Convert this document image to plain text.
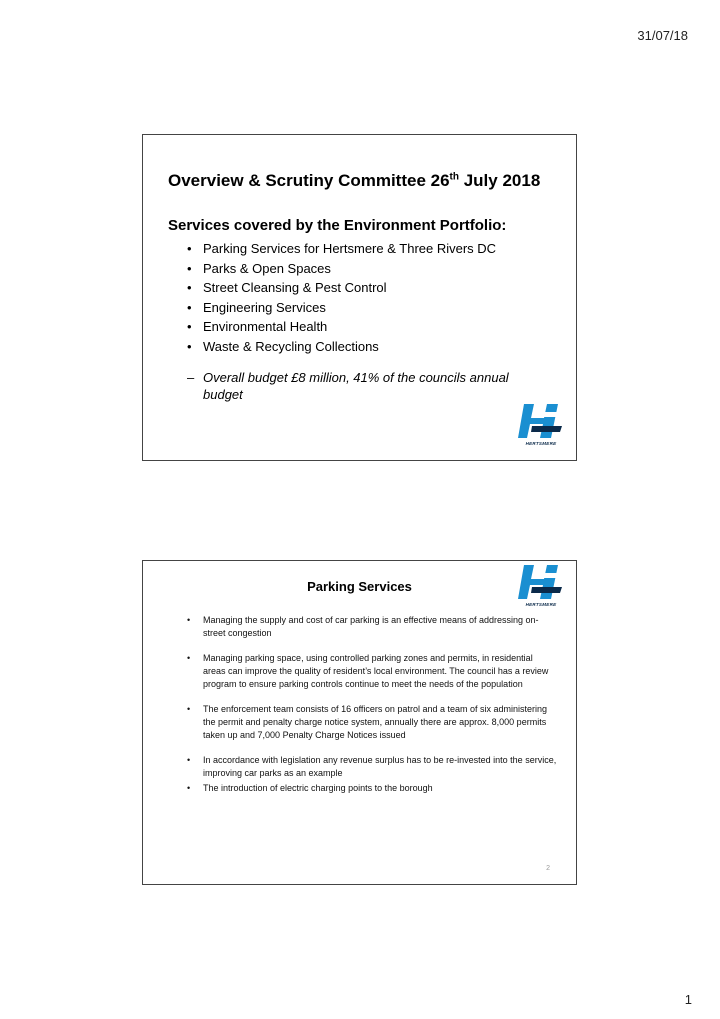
31/07/18
Overview & Scrutiny Committee 26th July 2018
Services covered by the Environment Portfolio:
• Parking Services for Hertsmere & Three Rivers DC
• Parks & Open Spaces
• Street Cleansing & Pest Control
• Engineering Services
• Environmental Health
• Waste & Recycling Collections
– Overall budget £8 million, 41% of the councils annual budget
HERTSMERE
Parking Services
HERTSMERE
• Managing the supply and cost of car parking is an effective means of addressing on-street congestion
• Managing parking space, using controlled parking zones and permits, in residential areas can improve the quality of resident’s local environment. The council has a review program to ensure parking controls continue to meet the needs of the population
• The enforcement team consists of 16 officers on patrol and a team of six administering the permit and penalty charge notice system, annually there are approx. 8,000 permits taken up and 7,000 Penalty Charge Notices issued
• In accordance with legislation any revenue surplus has to be re-invested into the service, improving car parks as an example
• The introduction of electric charging points to the borough
2
1
